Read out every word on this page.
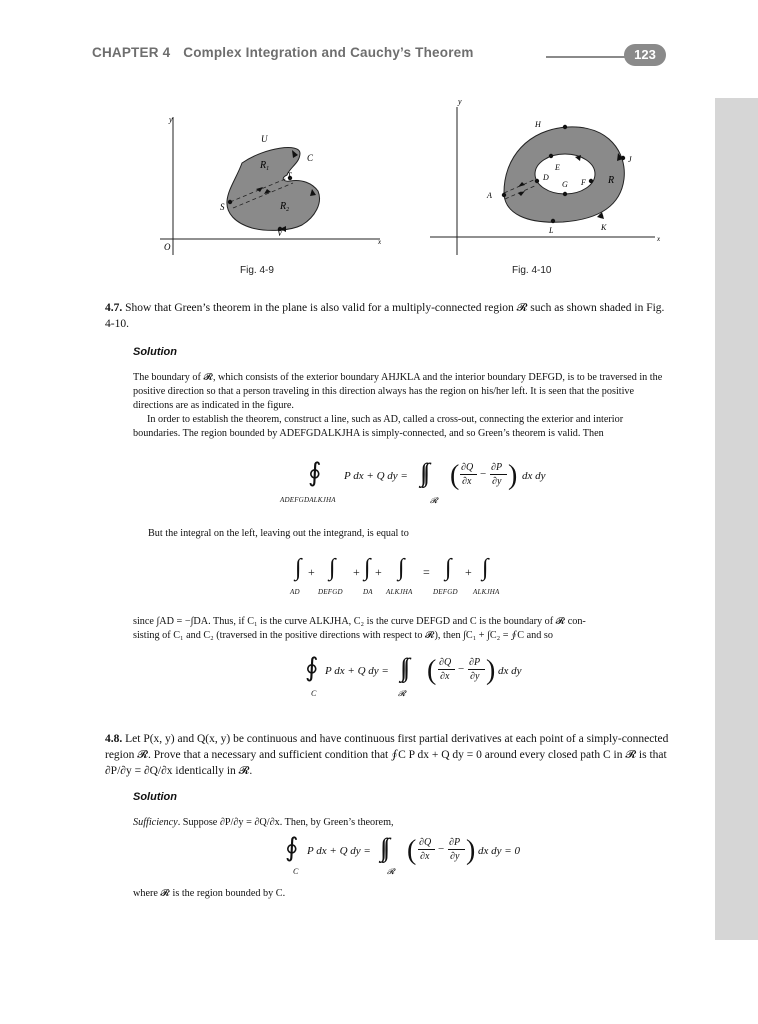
CHAPTER 4 Complex Integration and Cauchy’s Theorem	123
y
x
O
U
$R_1$
C
T
S	$R_2$
V
Fig. 4-9
y
x
H
J
E
D
G F R
A
L	K
Fig. 4-10
4.7. Show that Green’s theorem in the plane is also valid for a multiply-connected region 𝓡 such as shown shaded in Fig. 4-10.
Solution
The boundary of 𝓡, which consists of the exterior boundary AHJKLA and the interior boundary DEFGD, is to be traversed in the positive direction so that a person traveling in this direction always has the region on his/her left. It is seen that the positive directions are as indicated in the figure.
In order to establish the theorem, construct a line, such as AD, called a cross-out, connecting the exterior and interior boundaries. The region bounded by ADEFGDALKJHA is simply-connected, and so Green’s theorem is valid. Then
∮
ADEFGDALKJHA
P dx + Q dy =
𝓡
( ∂Q
∂x
−
∂P
∂y ) dx dy
But the integral on the left, leaving out the integrand, is equal to
∫ + ∫ + ∫ + ∫ = ∫ + ∫
AD	DEFGD	DA ALKJHA	DEFGD ALKJHA
since ∫AD = −∫DA. Thus, if C₁ is the curve ALKJHA, C₂ is the curve DEFGD and C is the boundary of 𝓡 con-
sisting of C₁ and C₂ (traversed in the positive directions with respect to 𝓡), then ∫C₁ + ∫C₂ = ∮C and so
∮
C
P dx + Q dy =
𝓡
( ∂Q
∂x
−
∂P
∂y ) dx dy
4.8. Let P(x, y) and Q(x, y) be continuous and have continuous first partial derivatives at each point of a simply-connected region 𝓡. Prove that a necessary and sufficient condition that ∮C P dx + Q dy = 0 around every closed path C in 𝓡 is that ∂P/∂y = ∂Q/∂x identically in 𝓡.
Solution
Sufficiency. Suppose ∂P/∂y = ∂Q/∂x. Then, by Green’s theorem,
∮
C
P dx + Q dy =
𝓡
( ∂Q
∂x
−
∂P
∂y ) dx dy = 0
where 𝓡 is the region bounded by C.
